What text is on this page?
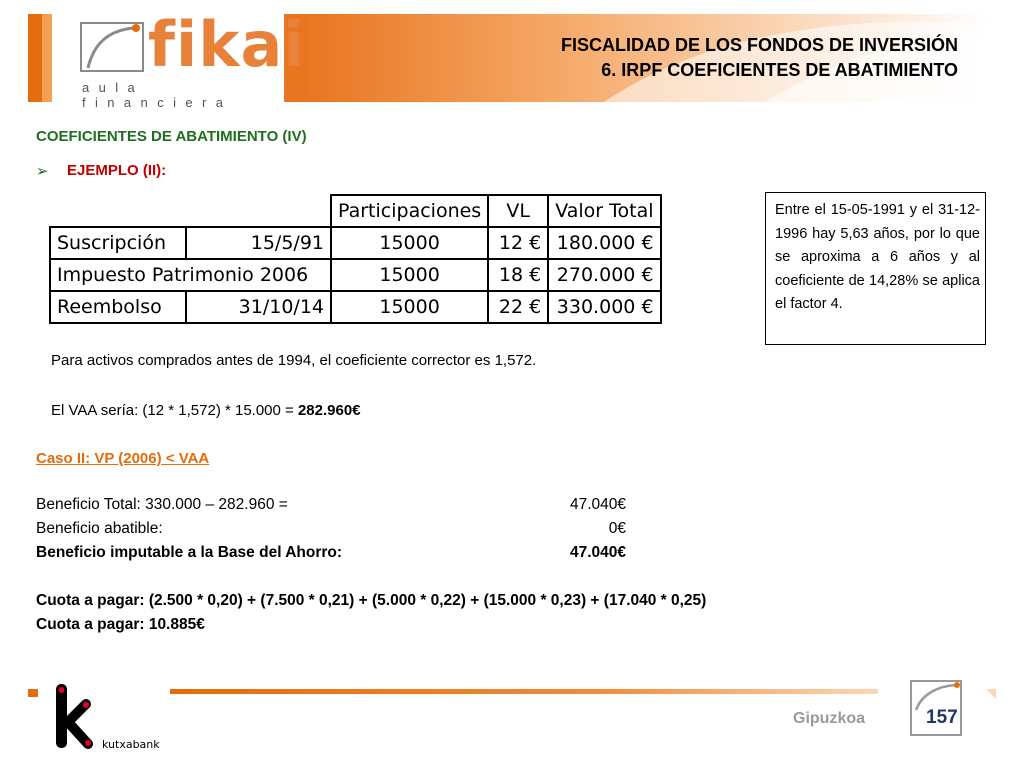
fikai
aula financiera
FISCALIDAD DE LOS FONDOS DE INVERSIÓN
6. IRPF COEFICIENTES DE ABATIMIENTO
COEFICIENTES DE ABATIMIENTO (IV)
➢ EJEMPLO (II):
		Participaciones	VL	Valor Total
Suscripción	15/5/91	15000	12 €	180.000 €
Impuesto Patrimonio 2006		15000	18 €	270.000 €
Reembolso	31/10/14	15000	22 €	330.000 €
Entre el 15-05-1991 y el 31-12-1996 hay 5,63 años, por lo que se aproxima a 6 años y al coeficiente de 14,28% se aplica el factor 4.
Para activos comprados antes de 1994, el coeficiente corrector es 1,572.
El VAA sería: (12 * 1,572) * 15.000 = 282.960€
Caso II: VP (2006) < VAA
Beneficio Total: 330.000 – 282.960 =	47.040€
Beneficio abatible:	0€
Beneficio imputable a la Base del Ahorro:	47.040€
Cuota a pagar: (2.500 * 0,20) + (7.500 * 0,21) + (5.000 * 0,22) + (15.000 * 0,23) + (17.040 * 0,25)
Cuota a pagar: 10.885€
kutxabank
Gipuzkoa	157
